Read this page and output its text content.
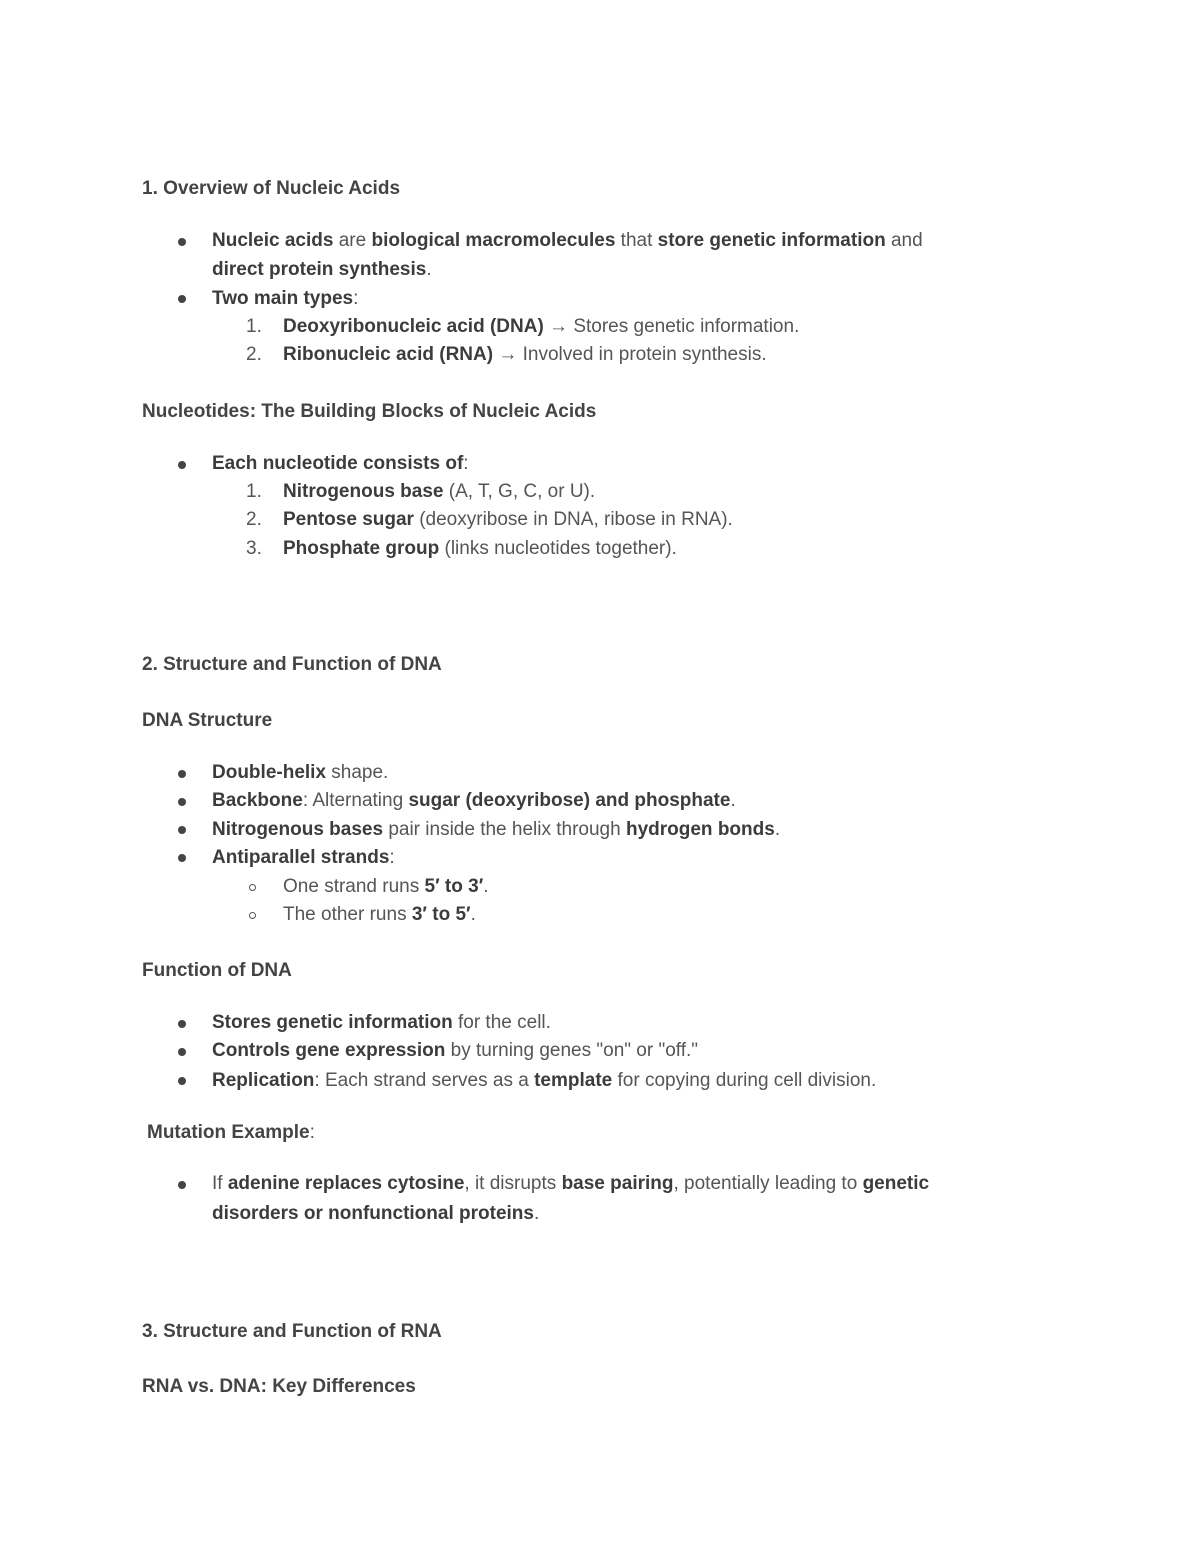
1. Overview of Nucleic Acids
Nucleic acids are biological macromolecules that store genetic information and
direct protein synthesis.
Two main types:
1. Deoxyribonucleic acid (DNA) → Stores genetic information.
2. Ribonucleic acid (RNA) → Involved in protein synthesis.
Nucleotides: The Building Blocks of Nucleic Acids
Each nucleotide consists of:
1. Nitrogenous base (A, T, G, C, or U).
2. Pentose sugar (deoxyribose in DNA, ribose in RNA).
3. Phosphate group (links nucleotides together).
2. Structure and Function of DNA
DNA Structure
Double-helix shape.
Backbone: Alternating sugar (deoxyribose) and phosphate.
Nitrogenous bases pair inside the helix through hydrogen bonds.
Antiparallel strands:
One strand runs 5′ to 3′.
The other runs 3′ to 5′.
Function of DNA
Stores genetic information for the cell.
Controls gene expression by turning genes "on" or "off."
Replication: Each strand serves as a template for copying during cell division.
Mutation Example:
If adenine replaces cytosine, it disrupts base pairing, potentially leading to genetic
disorders or nonfunctional proteins.
3. Structure and Function of RNA
RNA vs. DNA: Key Differences
